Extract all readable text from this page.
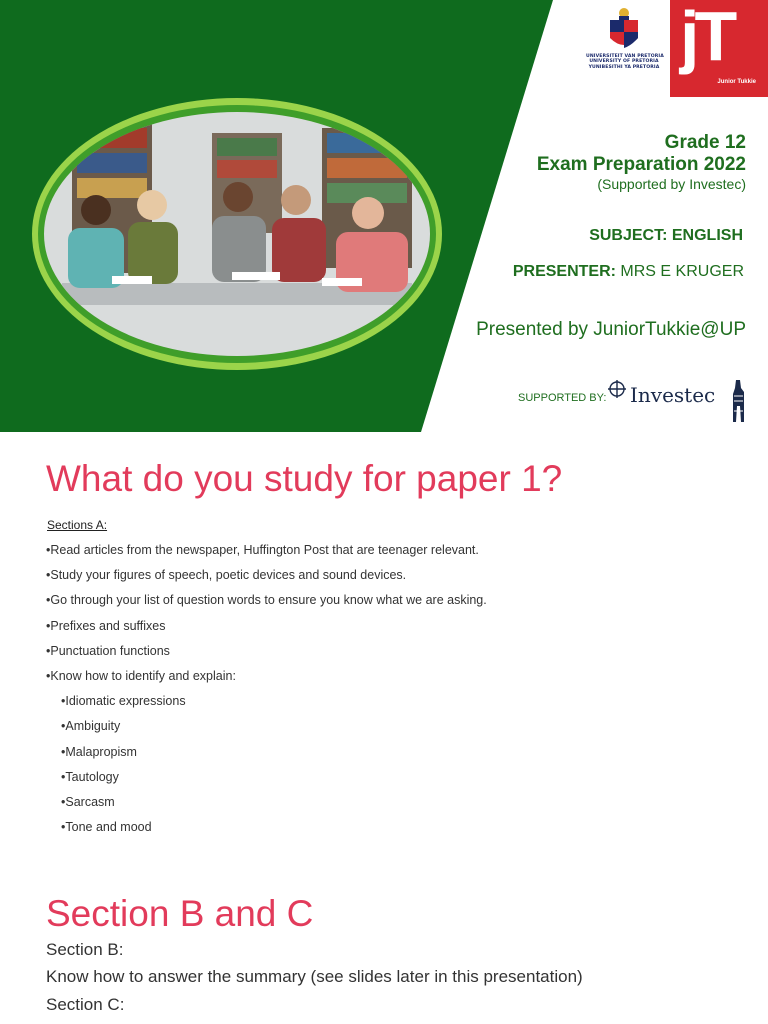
UNIVERSITEIT VAN PRETORIA
UNIVERSITY OF PRETORIA
YUNIBESITHI YA PRETORIA jT
Junior Tukkie
Grade 12
Exam Preparation 2022
(Supported by Investec)
SUBJECT: ENGLISH
PRESENTER: MRS E KRUGER
Presented by JuniorTukkie@UP
SUPPORTED BY: Investec
What do you study for paper 1?
Sections A:
•Read articles from the newspaper, Huffington Post that are teenager relevant.
•Study your figures of speech, poetic devices and sound devices.
•Go through your list of question words to ensure you know what we are asking.
•Prefixes and suffixes
•Punctuation functions
•Know how to identify and explain:
•Idiomatic expressions
•Ambiguity
•Malapropism
•Tautology
•Sarcasm
•Tone and mood
Section B and C
Section B:
Know how to answer the summary (see slides later in this presentation)
Section C:
